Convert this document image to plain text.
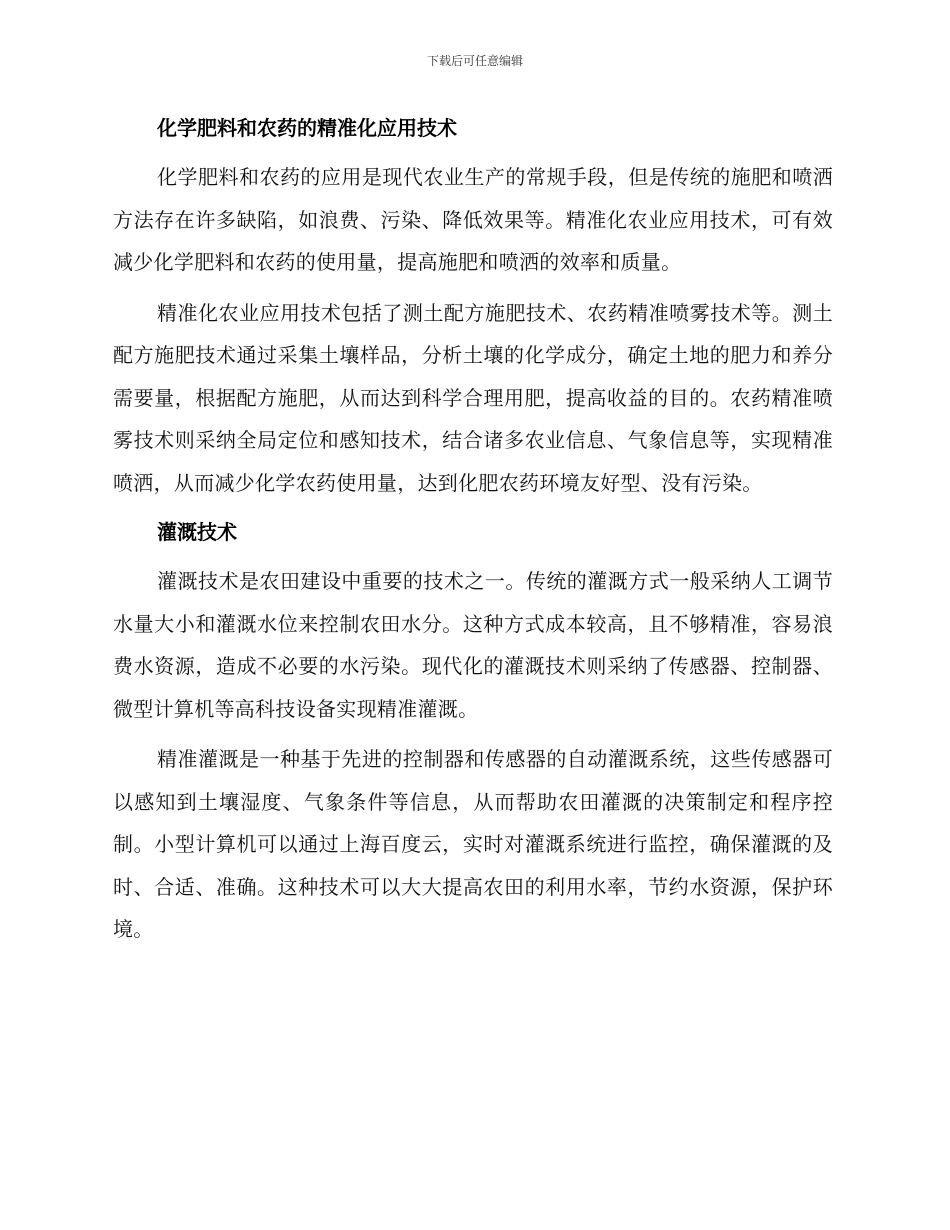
下载后可任意编辑
化学肥料和农药的精准化应用技术

化学肥料和农药的应用是现代农业生产的常规手段，但是传统的施肥和喷洒方法存在许多缺陷，如浪费、污染、降低效果等。精准化农业应用技术，可有效减少化学肥料和农药的使用量，提高施肥和喷洒的效率和质量。

精准化农业应用技术包括了测土配方施肥技术、农药精准喷雾技术等。测土配方施肥技术通过采集土壤样品，分析土壤的化学成分，确定土地的肥力和养分需要量，根据配方施肥，从而达到科学合理用肥，提高收益的目的。农药精准喷雾技术则采纳全局定位和感知技术，结合诸多农业信息、气象信息等，实现精准喷洒，从而减少化学农药使用量，达到化肥农药环境友好型、没有污染。

灌溉技术

灌溉技术是农田建设中重要的技术之一。传统的灌溉方式一般采纳人工调节水量大小和灌溉水位来控制农田水分。这种方式成本较高，且不够精准，容易浪费水资源，造成不必要的水污染。现代化的灌溉技术则采纳了传感器、控制器、微型计算机等高科技设备实现精准灌溉。

精准灌溉是一种基于先进的控制器和传感器的自动灌溉系统，这些传感器可以感知到土壤湿度、气象条件等信息，从而帮助农田灌溉的决策制定和程序控制。小型计算机可以通过上海百度云，实时对灌溉系统进行监控，确保灌溉的及时、合适、准确。这种技术可以大大提高农田的利用水率，节约水资源，保护环境。
